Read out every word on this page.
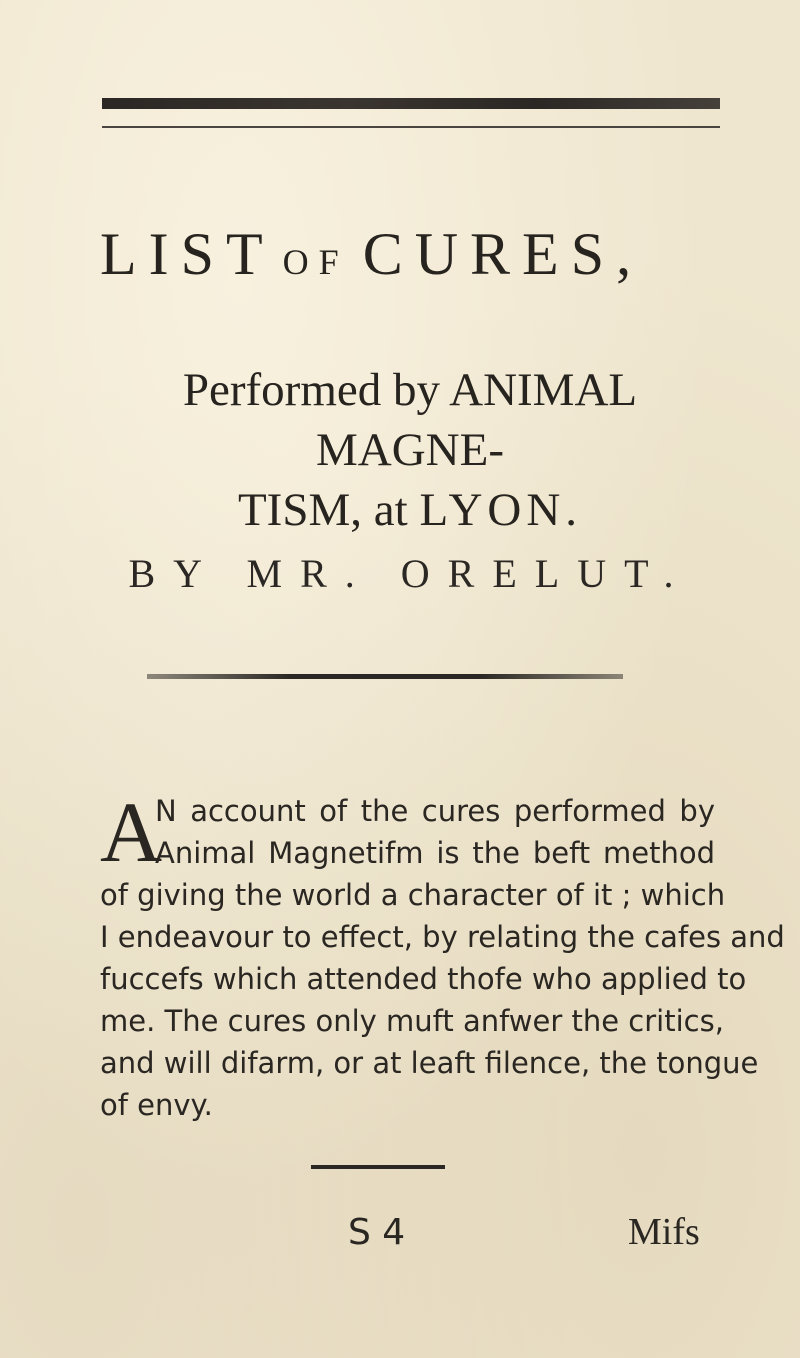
LIST OF CURES,
Performed by ANIMAL MAGNE-
TISM, at LYON.
BY MR. ORELUT.
A
N account of the cures performed by
Animal Magnetifm is the beft method
of giving the world a character of it ; which
I endeavour to effect, by relating the cafes and
fuccefs which attended thofe who applied to
me. The cures only muft anfwer the critics,
and will difarm, or at leaft filence, the tongue
of envy.
S 4	Mifs
